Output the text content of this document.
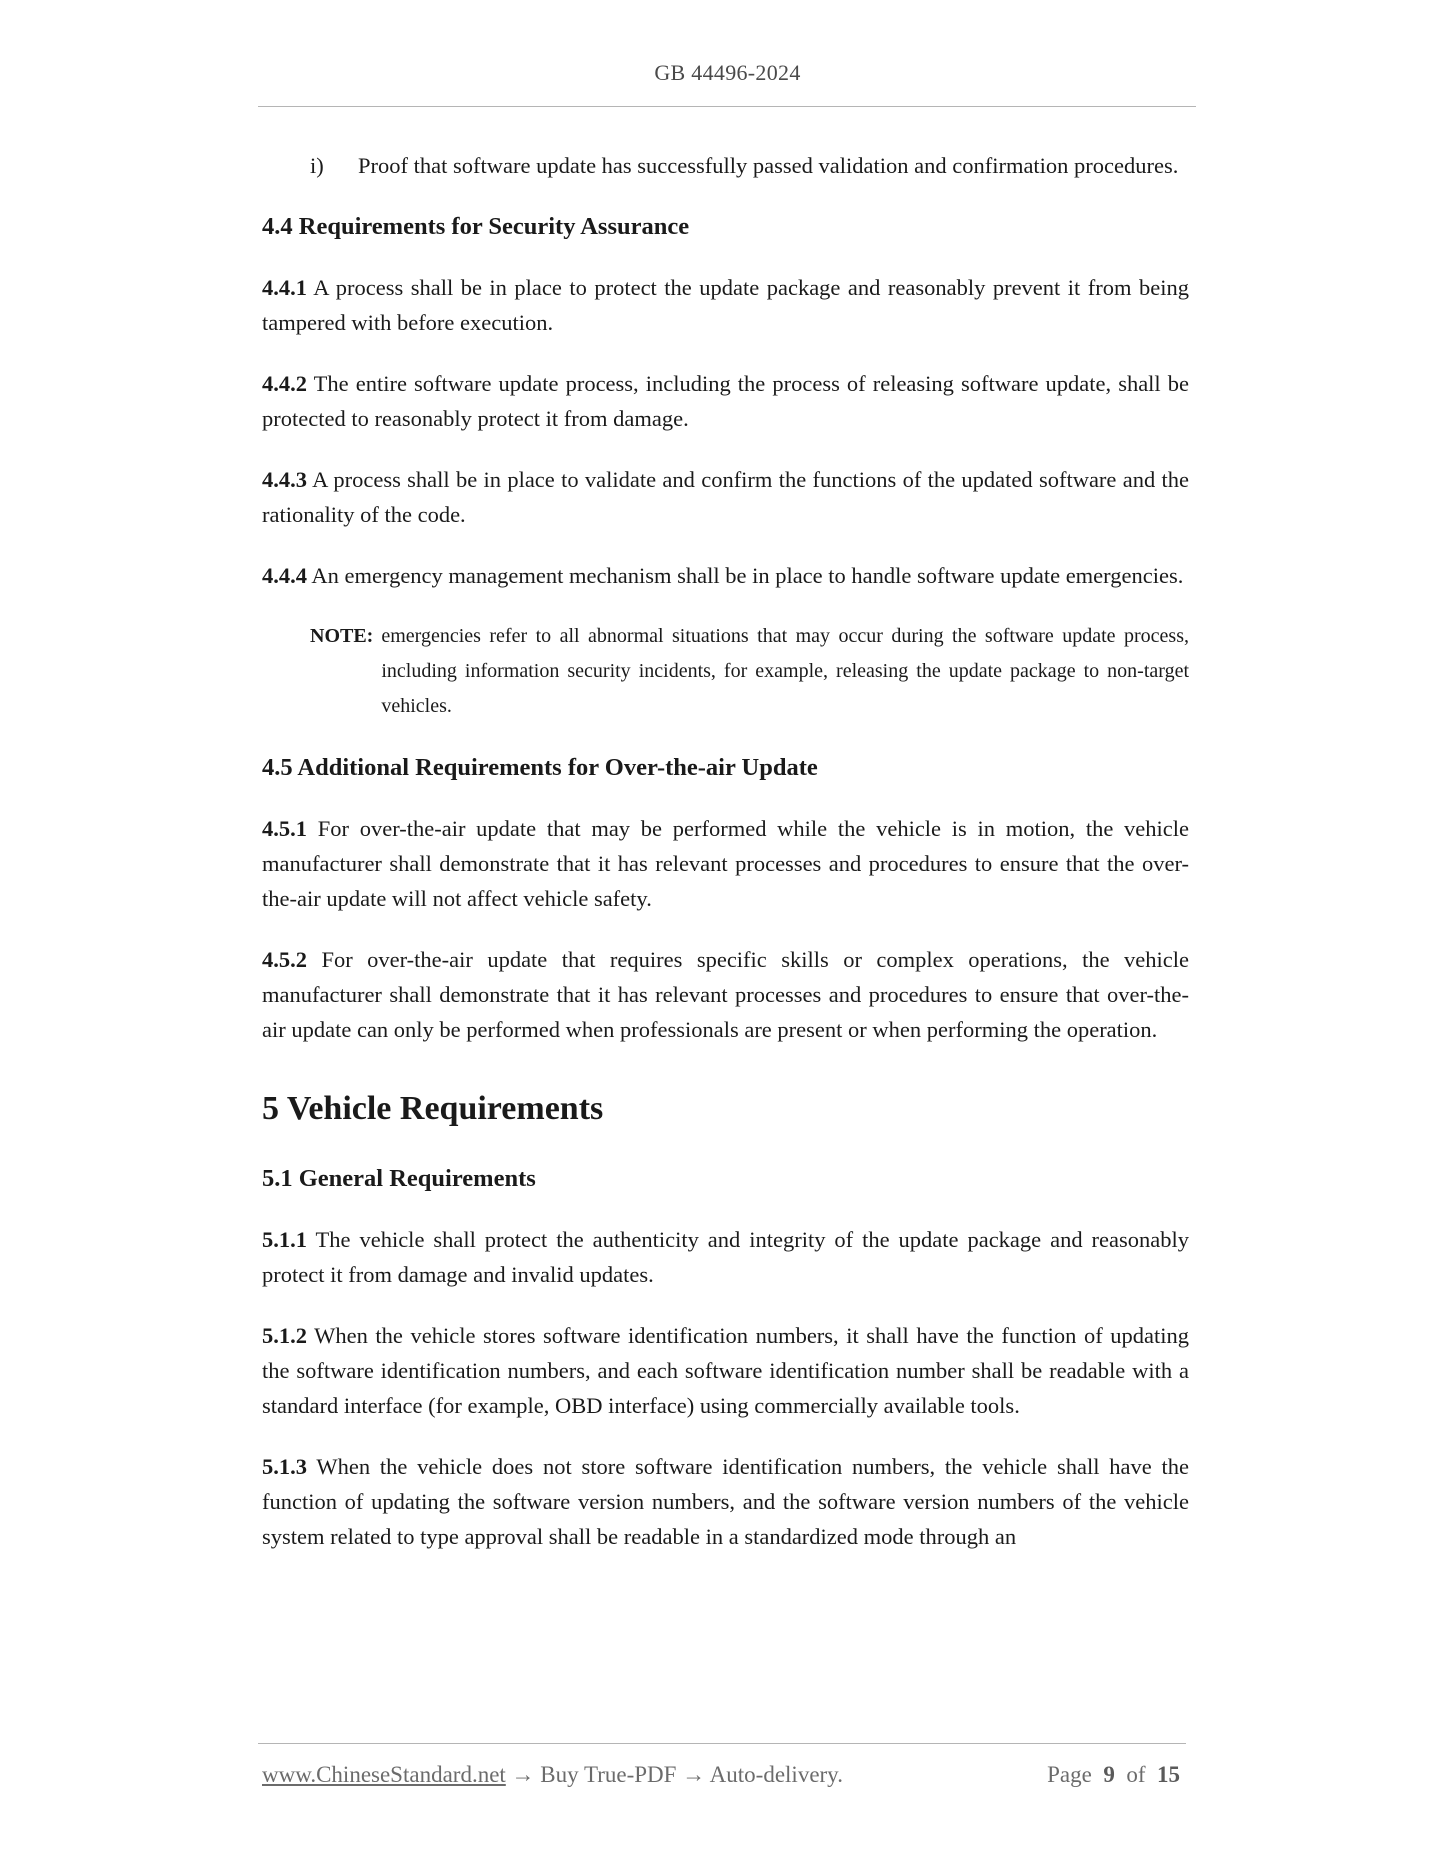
GB 44496-2024
i)	Proof that software update has successfully passed validation and confirmation procedures.
4.4 Requirements for Security Assurance

4.4.1 A process shall be in place to protect the update package and reasonably prevent it from being tampered with before execution.

4.4.2 The entire software update process, including the process of releasing software update, shall be protected to reasonably protect it from damage.

4.4.3 A process shall be in place to validate and confirm the functions of the updated software and the rationality of the code.

4.4.4 An emergency management mechanism shall be in place to handle software update emergencies.

NOTE: emergencies refer to all abnormal situations that may occur during the software update process, including information security incidents, for example, releasing the update package to non-target vehicles.
4.5 Additional Requirements for Over-the-air Update

4.5.1 For over-the-air update that may be performed while the vehicle is in motion, the vehicle manufacturer shall demonstrate that it has relevant processes and procedures to ensure that the over-the-air update will not affect vehicle safety.

4.5.2 For over-the-air update that requires specific skills or complex operations, the vehicle manufacturer shall demonstrate that it has relevant processes and procedures to ensure that over-the-air update can only be performed when professionals are present or when performing the operation.

5 Vehicle Requirements
5.1 General Requirements

5.1.1 The vehicle shall protect the authenticity and integrity of the update package and reasonably protect it from damage and invalid updates.

5.1.2 When the vehicle stores software identification numbers, it shall have the function of updating the software identification numbers, and each software identification number shall be readable with a standard interface (for example, OBD interface) using commercially available tools.

5.1.3 When the vehicle does not store software identification numbers, the vehicle shall have the function of updating the software version numbers, and the software version numbers of the vehicle system related to type approval shall be readable in a standardized mode through an

www.ChineseStandard.net → Buy True-PDF → Auto-delivery.	Page 9 of 15
